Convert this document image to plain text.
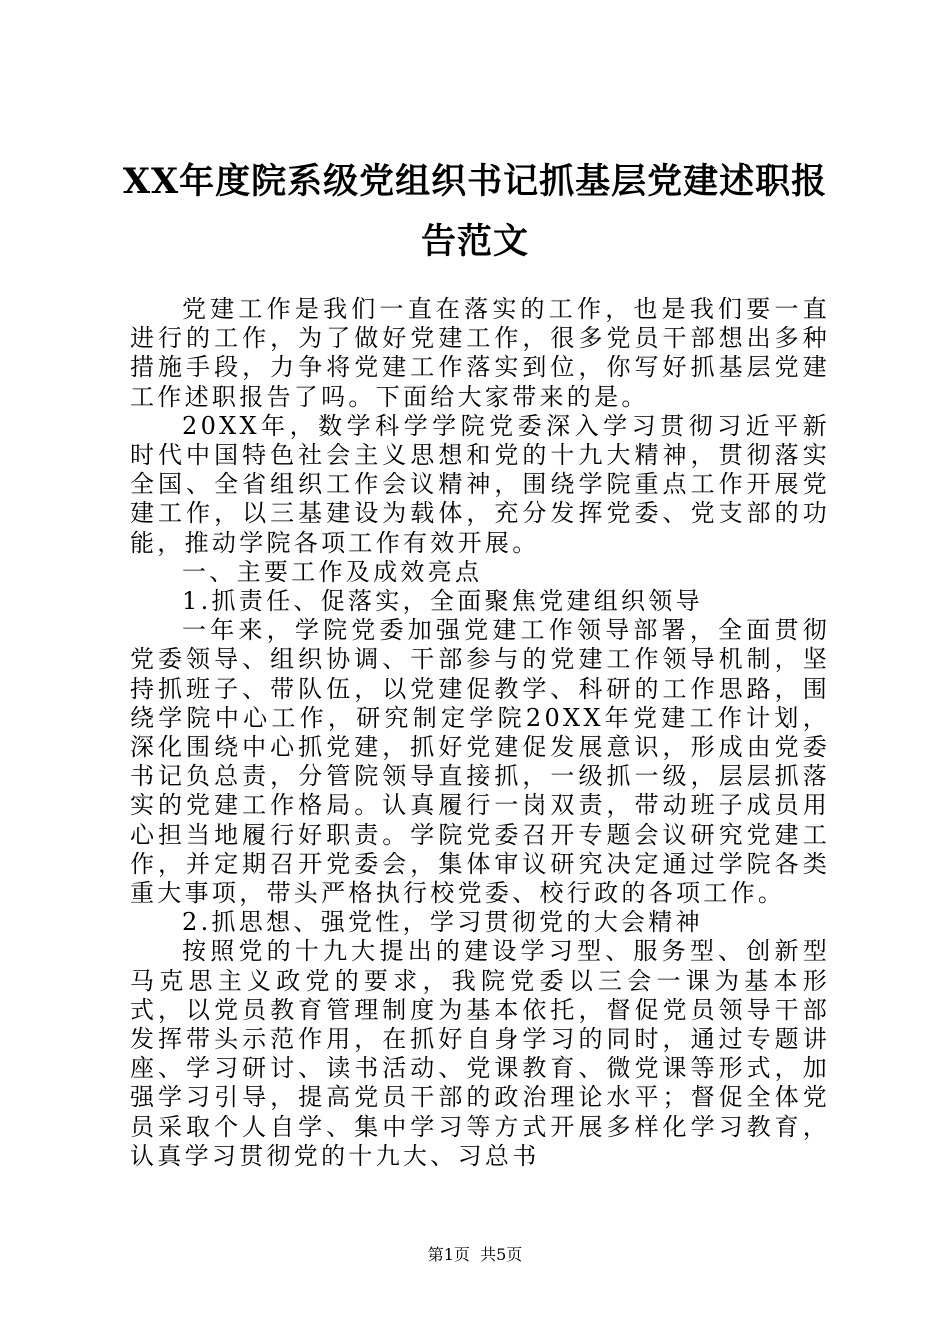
XX年度院系级党组织书记抓基层党建述职报
告范文

党建工作是我们一直在落实的工作，也是我们要一直进行的工作，为了做好党建工作，很多党员干部想出多种措施手段，力争将党建工作落实到位，你写好抓基层党建工作述职报告了吗。下面给大家带来的是。

20XX年，数学科学学院党委深入学习贯彻习近平新时代中国特色社会主义思想和党的十九大精神，贯彻落实全国、全省组织工作会议精神，围绕学院重点工作开展党建工作，以三基建设为载体，充分发挥党委、党支部的功能，推动学院各项工作有效开展。

一、主要工作及成效亮点

1.抓责任、促落实，全面聚焦党建组织领导

一年来，学院党委加强党建工作领导部署，全面贯彻党委领导、组织协调、干部参与的党建工作领导机制，坚持抓班子、带队伍，以党建促教学、科研的工作思路，围绕学院中心工作，研究制定学院20XX年党建工作计划，深化围绕中心抓党建，抓好党建促发展意识，形成由党委书记负总责，分管院领导直接抓，一级抓一级，层层抓落实的党建工作格局。认真履行一岗双责，带动班子成员用心担当地履行好职责。学院党委召开专题会议研究党建工作，并定期召开党委会，集体审议研究决定通过学院各类重大事项，带头严格执行校党委、校行政的各项工作。

2.抓思想、强党性，学习贯彻党的大会精神

按照党的十九大提出的建设学习型、服务型、创新型马克思主义政党的要求，我院党委以三会一课为基本形式，以党员教育管理制度为基本依托，督促党员领导干部发挥带头示范作用，在抓好自身学习的同时，通过专题讲座、学习研讨、读书活动、党课教育、微党课等形式，加强学习引导，提高党员干部的政治理论水平；督促全体党员采取个人自学、集中学习等方式开展多样化学习教育，认真学习贯彻党的十九大、习总书

第1页  共5页
